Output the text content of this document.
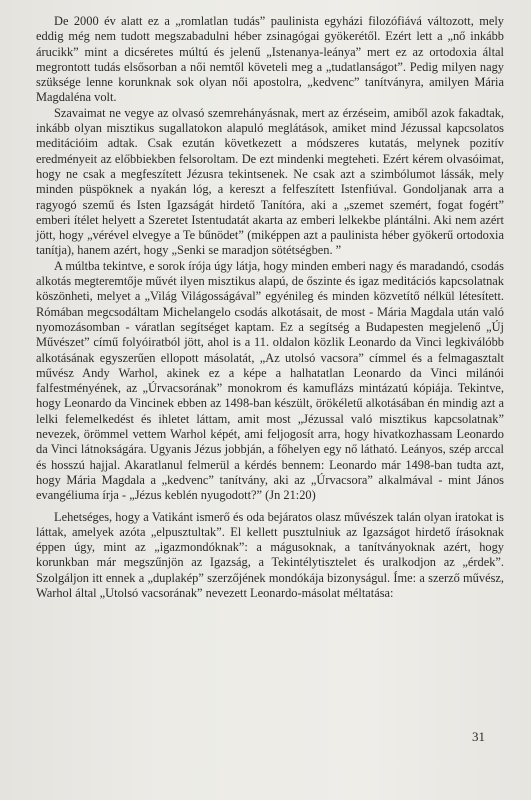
De 2000 év alatt ez a „romlatlan tudás” paulinista egyházi filozófiává változott, mely eddig még nem tudott megszabadulni héber zsinagógai gyökerétől. Ezért lett a „nő inkább árucikk” mint a dicséretes múltú és jelenű „Istenanya-leánya” mert ez az ortodoxia által megrontott tudás elsősorban a női nemtől követeli meg a „tudatlanságot”. Pedig milyen nagy szüksége lenne korunknak sok olyan női apostolra, „kedvenc” tanítványra, amilyen Mária Magdaléna volt.

Szavaimat ne vegye az olvasó szemrehányásnak, mert az érzéseim, amiből azok fakadtak, inkább olyan misztikus sugallatokon alapuló meglátások, amiket mind Jézussal kapcsolatos meditációim adtak. Csak ezután következett a módszeres kutatás, melynek pozitív eredményeit az előbbiekben felsoroltam. De ezt mindenki megteheti. Ezért kérem olvasóimat, hogy ne csak a megfeszített Jézusra tekintsenek. Ne csak azt a szimbólumot lássák, mely minden püspöknek a nyakán lóg, a kereszt a felfeszített Istenfiúval. Gondoljanak arra a ragyogó szemű és Isten Igazságát hirdető Tanítóra, aki a „szemet szemért, fogat fogért” emberi ítélet helyett a Szeretet Istentudatát akarta az emberi lelkekbe plántálni. Aki nem azért jött, hogy „vérével elvegye a Te bűnödet” (miképpen azt a paulinista héber gyökerű ortodoxia tanítja), hanem azért, hogy „Senki se maradjon sötétségben. ”

A múltba tekintve, e sorok írója úgy látja, hogy minden emberi nagy és maradandó, csodás alkotás megteremtője művét ilyen misztikus alapú, de őszinte és igaz meditációs kapcsolatnak köszönheti, melyet a „Világ Világosságával” egyénileg és minden közvetítő nélkül létesített. Rómában megcsodáltam Michelangelo csodás alkotásait, de most - Mária Magdala után való nyomozásomban - váratlan segítséget kaptam. Ez a segítség a Budapesten megjelenő „Új Művészet” című folyóiratból jött, ahol is a 11. oldalon közlik Leonardo da Vinci legkiválóbb alkotásának egyszerűen ellopott másolatát, „Az utolsó vacsora” címmel és a felmagasztalt művész Andy Warhol, akinek ez a képe a halhatatlan Leonardo da Vinci milánói falfestményének, az „Úrvacsorának” monokrom és kamuflázs mintázatú kópiája. Tekintve, hogy Leonardo da Vincinek ebben az 1498-ban készült, örökéletű alkotásában én mindig azt a lelki felemelkedést és ihletet láttam, amit most „Jézussal való misztikus kapcsolatnak” nevezek, örömmel vettem Warhol képét, ami feljogosít arra, hogy hivatkozhassam Leonardo da Vinci látnokságára. Ugyanis Jézus jobbján, a főhelyen egy nő látható. Leányos, szép arccal és hosszú hajjal. Akaratlanul felmerül a kérdés bennem: Leonardo már 1498-ban tudta azt, hogy Mária Magdala a „kedvenc” tanítvány, aki az „Úrvacsora” alkalmával - mint János evangéliuma írja - „Jézus keblén nyugodott?” (Jn 21:20)

Lehetséges, hogy a Vatikánt ismerő és oda bejáratos olasz művészek talán olyan iratokat is láttak, amelyek azóta „elpusztultak”. El kellett pusztulniuk az Igazságot hirdető írásoknak éppen úgy, mint az „igazmondóknak”: a mágusoknak, a tanítványoknak azért, hogy korunkban már megszűnjön az Igazság, a Tekintélytisztelet és uralkodjon az „érdek”. Szolgáljon itt ennek a „duplakép” szerzőjének mondókája bizonyságul. Íme: a szerző művész, Warhol által „Utolsó vacsorának” nevezett Leonardo-másolat méltatása:

31
